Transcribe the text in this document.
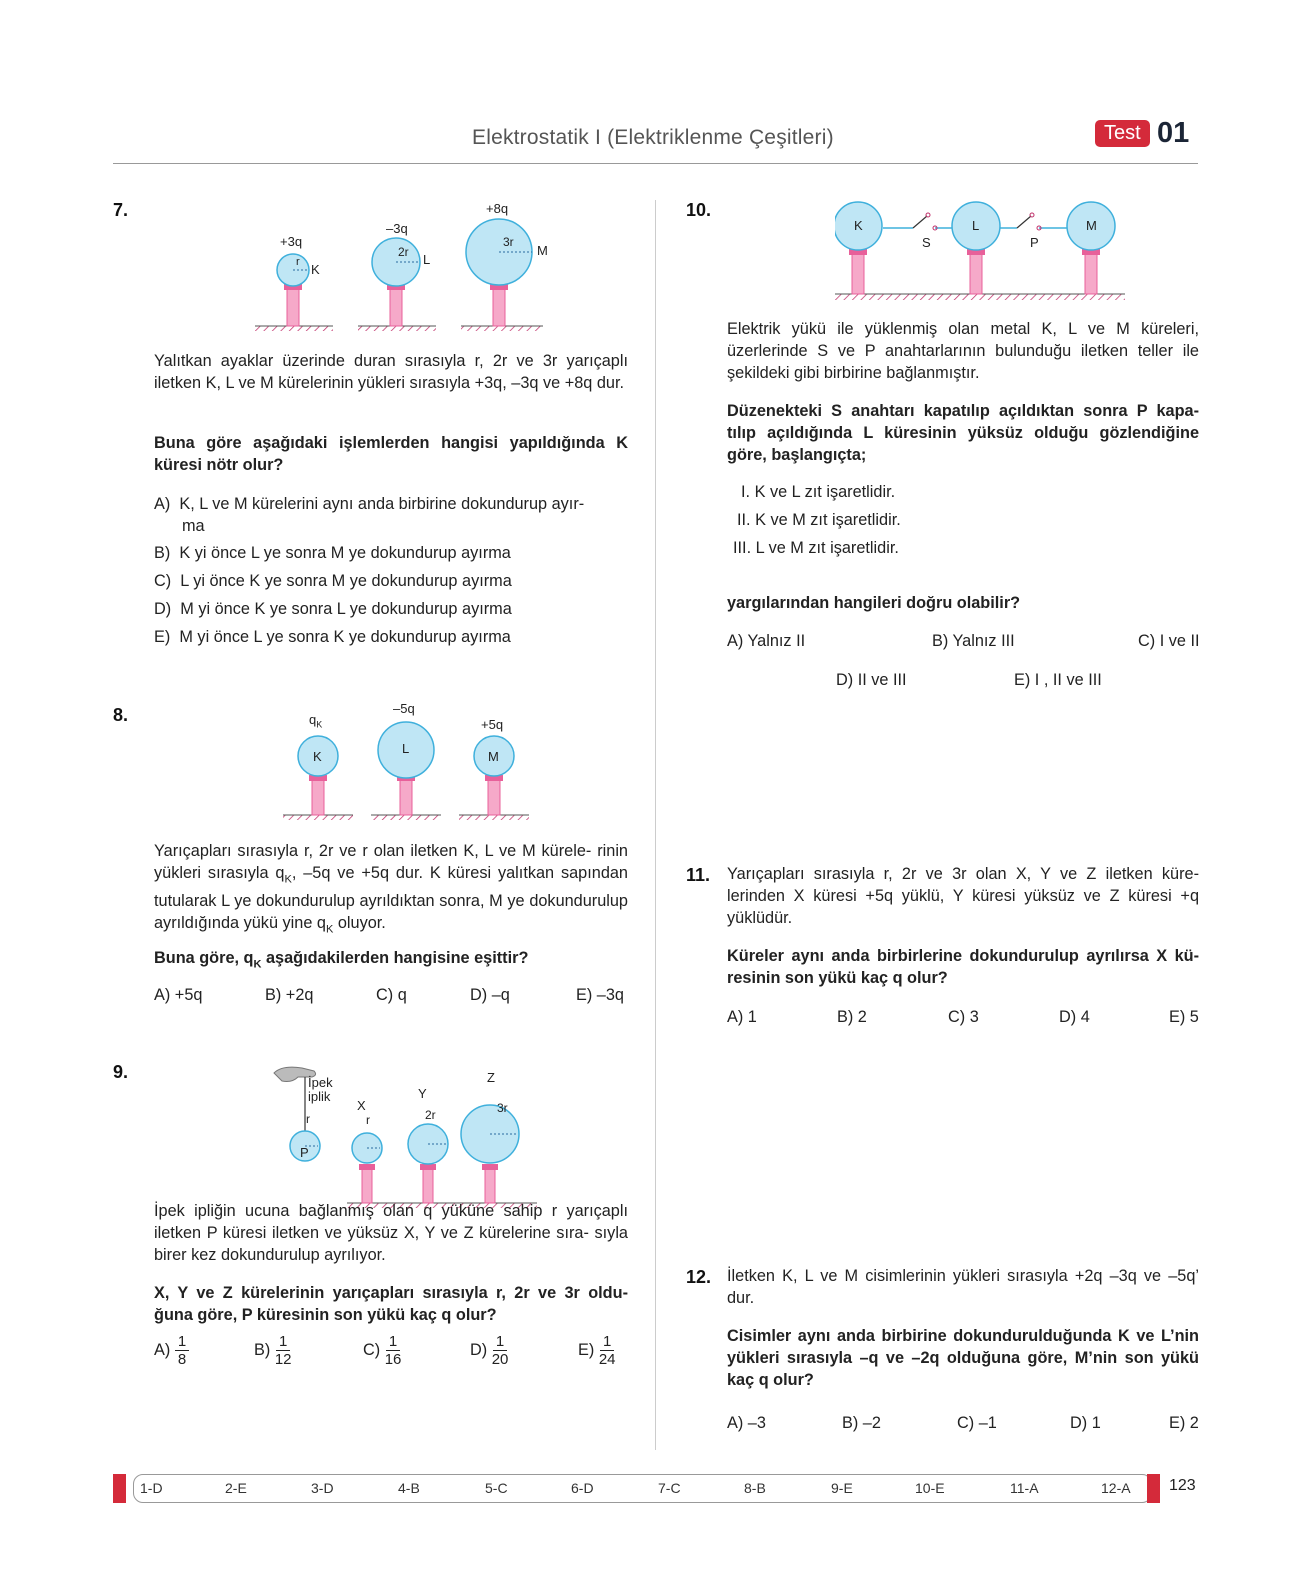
Elektrostatik I (Elektriklenme Çeşitleri)	Test 01
7.
+3q
r K
–3q
2r L
+8q
3r
M
Yalıtkan ayaklar üzerinde duran sırasıyla r, 2r ve 3r yarıçaplı iletken K, L ve M kürelerinin yükleri sırasıyla +3q, –3q ve +8q dur.
Buna göre aşağıdaki işlemlerden hangisi yapıldığında K küresi nötr olur?
A) K, L ve M kürelerini aynı anda birbirine dokundurup ayır-
ma
B) K yi önce L ye sonra M ye dokundurup ayırma
C) L yi önce K ye sonra M ye dokundurup ayırma
D) M yi önce K ye sonra L ye dokundurup ayırma
E) M yi önce L ye sonra K ye dokundurup ayırma
8.	$q_K$
K
–5q
L
+5q
M
Yarıçapları sırasıyla r, 2r ve r olan iletken K, L ve M kürele- rinin yükleri sırasıyla $q_K$, –5q ve +5q dur. K küresi yalıtkan sapından tutularak L ye dokundurulup ayrıldıktan sonra, M ye dokundurulup ayrıldığında yükü yine $q_K$ oluyor.
Buna göre, $q_K$ aşağıdakilerden hangisine eşittir?
A) +5q	B) +2q	C) q	D) –q	E) –3q
9.
İpek
iplik
r
P
X
r
Y
2r
Z
3r
İpek ipliğin ucuna bağlanmış olan q yüküne sahip r yarıçaplı iletken P küresi iletken ve yüksüz X, Y ve Z kürelerine sıra- sıyla birer kez dokundurulup ayrılıyor.
X, Y ve Z kürelerinin yarıçapları sırasıyla r, 2r ve 3r oldu- ğuna göre, P küresinin son yükü kaç q olur?
$A) \frac{1}{8}$	$B) \frac{1}{12}$	$C) \frac{1}{16}$	$D) \frac{1}{20}$	$E) \frac{1}{24}$
10.
K	L	M
S	P
Elektrik yükü ile yüklenmiş olan metal K, L ve M küreleri, üzerlerinde S ve P anahtarlarının bulunduğu iletken teller ile şekildeki gibi birbirine bağlanmıştır.
Düzenekteki S anahtarı kapatılıp açıldıktan sonra P kapa- tılıp açıldığında L küresinin yüksüz olduğu gözlendiğine göre, başlangıçta;
I. K ve L zıt işaretlidir.
II. K ve M zıt işaretlidir.
III. L ve M zıt işaretlidir.
yargılarından hangileri doğru olabilir?
A) Yalnız II	B) Yalnız III	C) I ve II
D) II ve III	E) I , II ve III
11. Yarıçapları sırasıyla r, 2r ve 3r olan X, Y ve Z iletken küre- lerinden X küresi +5q yüklü, Y küresi yüksüz ve Z küresi +q yüklüdür.
Küreler aynı anda birbirlerine dokundurulup ayrılırsa X kü- resinin son yükü kaç q olur?
A) 1	B) 2	C) 3	D) 4	E) 5
12. İletken K, L ve M cisimlerinin yükleri sırasıyla +2q –3q ve –5q’ dur.
Cisimler aynı anda birbirine dokundurulduğunda K ve L’nin yükleri sırasıyla –q ve –2q olduğuna göre, M’nin son yükü kaç q olur?
A) –3	B) –2	C) –1	D) 1	E) 2
1-D	2-E	3-D	4-B	5-C	6-D	7-C	8-B	9-E	10-E	11-A	12-A 123
